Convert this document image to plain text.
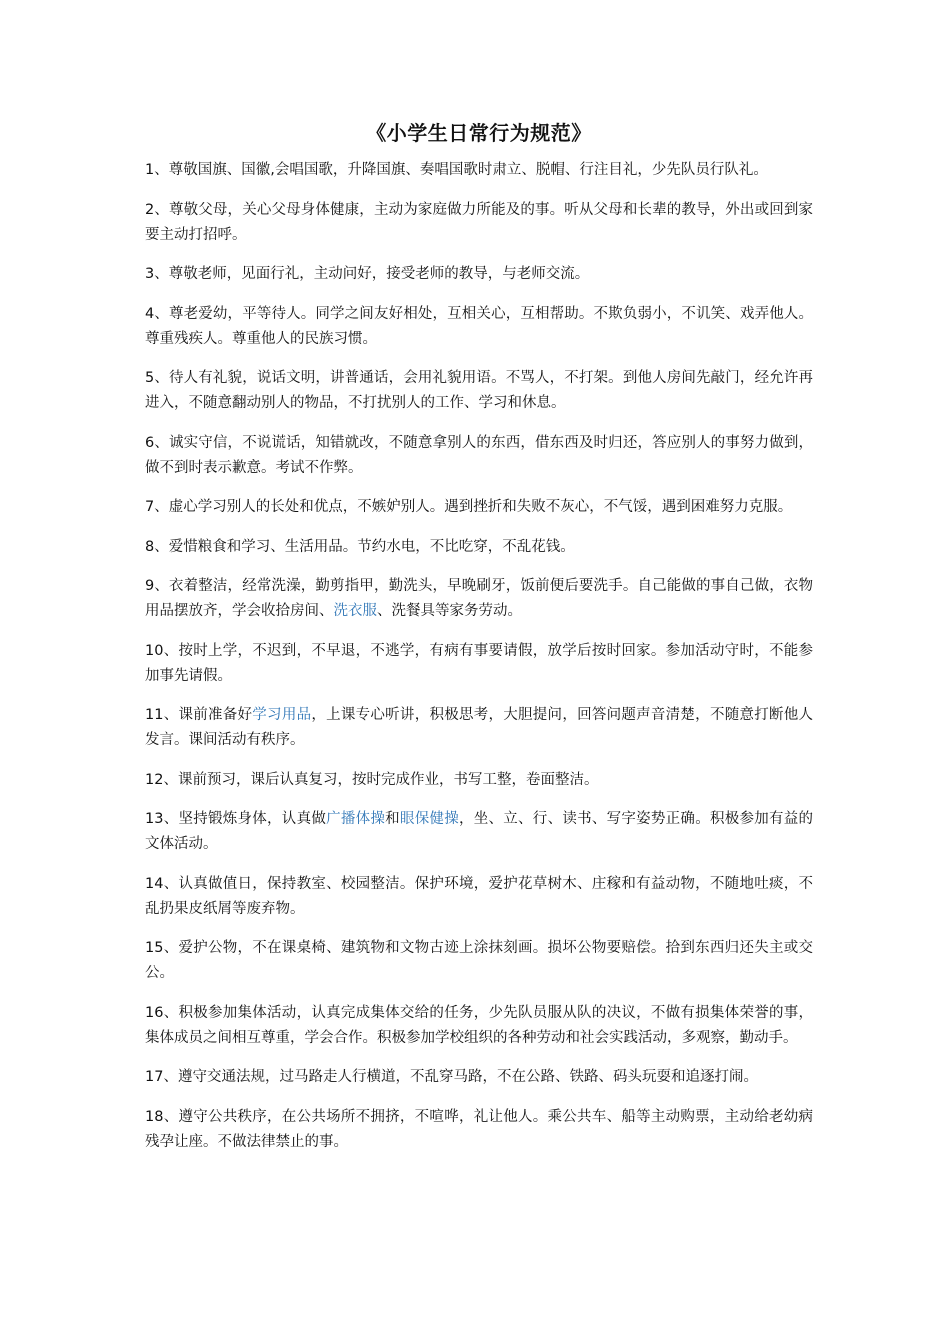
《小学生日常行为规范》
1、尊敬国旗、国徽,会唱国歌，升降国旗、奏唱国歌时肃立、脱帽、行注目礼，少先队员行队礼。
2、尊敬父母，关心父母身体健康，主动为家庭做力所能及的事。听从父母和长辈的教导，外出或回到家要主动打招呼。
3、尊敬老师，见面行礼，主动问好，接受老师的教导，与老师交流。
4、尊老爱幼，平等待人。同学之间友好相处，互相关心，互相帮助。不欺负弱小，不讥笑、戏弄他人。尊重残疾人。尊重他人的民族习惯。
5、待人有礼貌，说话文明，讲普通话，会用礼貌用语。不骂人，不打架。到他人房间先敲门，经允许再进入，不随意翻动别人的物品，不打扰别人的工作、学习和休息。
6、诚实守信，不说谎话，知错就改，不随意拿别人的东西，借东西及时归还，答应别人的事努力做到，做不到时表示歉意。考试不作弊。
7、虚心学习别人的长处和优点，不嫉妒别人。遇到挫折和失败不灰心，不气馁，遇到困难努力克服。
8、爱惜粮食和学习、生活用品。节约水电，不比吃穿，不乱花钱。
9、衣着整洁，经常洗澡，勤剪指甲，勤洗头，早晚刷牙，饭前便后要洗手。自己能做的事自己做，衣物用品摆放齐，学会收拾房间、洗衣服、洗餐具等家务劳动。
10、按时上学，不迟到，不早退，不逃学，有病有事要请假，放学后按时回家。参加活动守时，不能参加事先请假。
11、课前准备好学习用品，上课专心听讲，积极思考，大胆提问，回答问题声音清楚，不随意打断他人发言。课间活动有秩序。
12、课前预习，课后认真复习，按时完成作业，书写工整，卷面整洁。
13、坚持锻炼身体，认真做广播体操和眼保健操，坐、立、行、读书、写字姿势正确。积极参加有益的文体活动。
14、认真做值日，保持教室、校园整洁。保护环境，爱护花草树木、庄稼和有益动物，不随地吐痰，不乱扔果皮纸屑等废弃物。
15、爱护公物，不在课桌椅、建筑物和文物古迹上涂抹刻画。损坏公物要赔偿。拾到东西归还失主或交公。
16、积极参加集体活动，认真完成集体交给的任务，少先队员服从队的决议，不做有损集体荣誉的事，集体成员之间相互尊重，学会合作。积极参加学校组织的各种劳动和社会实践活动，多观察，勤动手。
17、遵守交通法规，过马路走人行横道，不乱穿马路，不在公路、铁路、码头玩耍和追逐打闹。
18、遵守公共秩序，在公共场所不拥挤，不喧哗，礼让他人。乘公共车、船等主动购票，主动给老幼病残孕让座。不做法律禁止的事。
